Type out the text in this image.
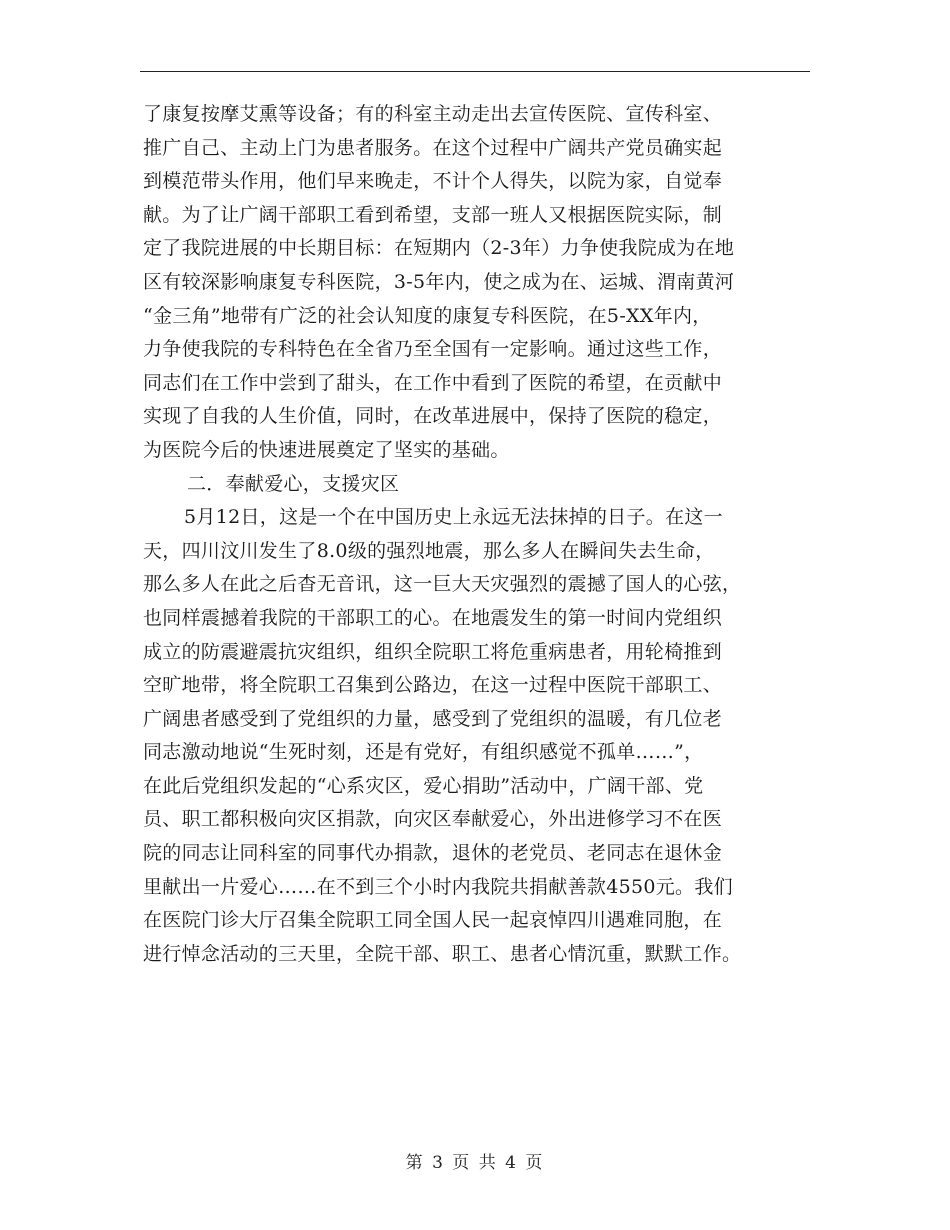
了康复按摩艾熏等设备；有的科室主动走出去宣传医院、宣传科室、
推广自己、主动上门为患者服务。在这个过程中广阔共产党员确实起
到模范带头作用，他们早来晚走，不计个人得失，以院为家，自觉奉
献。为了让广阔干部职工看到希望，支部一班人又根据医院实际，制
定了我院进展的中长期目标：在短期内（2-3年）力争使我院成为在地
区有较深影响康复专科医院，3-5年内，使之成为在、运城、渭南黄河
“金三角”地带有广泛的社会认知度的康复专科医院，在5-XX年内，
力争使我院的专科特色在全省乃至全国有一定影响。通过这些工作，
同志们在工作中尝到了甜头，在工作中看到了医院的希望，在贡献中
实现了自我的人生价值，同时，在改革进展中，保持了医院的稳定，
为医院今后的快速进展奠定了坚实的基础。
二．奉献爱心，支援灾区
5月12日，这是一个在中国历史上永远无法抹掉的日子。在这一
天，四川汶川发生了8.0级的强烈地震，那么多人在瞬间失去生命，
那么多人在此之后杳无音讯，这一巨大天灾强烈的震撼了国人的心弦，
也同样震撼着我院的干部职工的心。在地震发生的第一时间内党组织
成立的防震避震抗灾组织，组织全院职工将危重病患者，用轮椅推到
空旷地带，将全院职工召集到公路边，在这一过程中医院干部职工、
广阔患者感受到了党组织的力量，感受到了党组织的温暖，有几位老
同志激动地说“生死时刻，还是有党好，有组织感觉不孤单……”，
在此后党组织发起的“心系灾区，爱心捐助”活动中，广阔干部、党
员、职工都积极向灾区捐款，向灾区奉献爱心，外出进修学习不在医
院的同志让同科室的同事代办捐款，退休的老党员、老同志在退休金
里献出一片爱心……在不到三个小时内我院共捐献善款4550元。我们
在医院门诊大厅召集全院职工同全国人民一起哀悼四川遇难同胞，在
进行悼念活动的三天里，全院干部、职工、患者心情沉重，默默工作。
第 3 页 共 4 页
